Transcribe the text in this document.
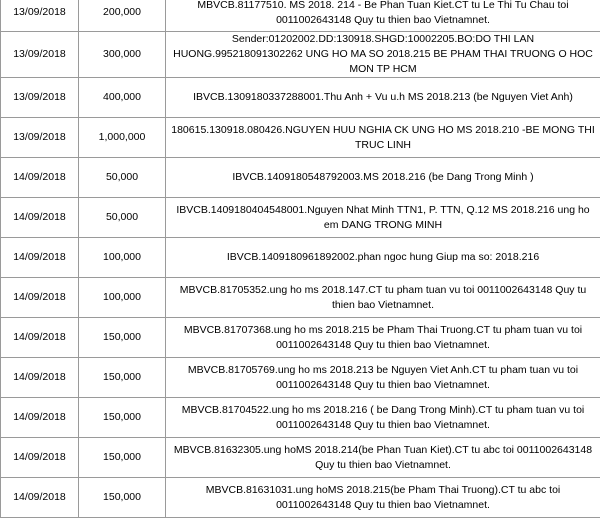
13/09/2018	200,000	MBVCB.81177510. MS 2018. 214 - Be Phan Tuan Kiet.CT tu Le Thi Tu Chau toi 0011002643148 Quy tu thien bao Vietnamnet.
13/09/2018	300,000	Sender:01202002.DD:130918.SHGD:10002205.BO:DO THI LAN HUONG.995218091302262 UNG HO MA SO 2018.215 BE PHAM THAI TRUONG O HOC MON TP HCM
13/09/2018	400,000	IBVCB.1309180337288001.Thu Anh + Vu u.h MS 2018.213 (be Nguyen Viet Anh)
13/09/2018	1,000,000	180615.130918.080426.NGUYEN HUU NGHIA CK UNG HO MS 2018.210 -BE MONG THI TRUC LINH
14/09/2018	50,000	IBVCB.1409180548792003.MS 2018.216 (be Dang Trong Minh )
14/09/2018	50,000	IBVCB.1409180404548001.Nguyen Nhat Minh TTN1, P. TTN, Q.12 MS 2018.216 ung ho em DANG TRONG MINH
14/09/2018	100,000	IBVCB.1409180961892002.phan ngoc hung Giup ma so: 2018.216
14/09/2018	100,000	MBVCB.81705352.ung ho ms 2018.147.CT tu pham tuan vu toi 0011002643148 Quy tu thien bao Vietnamnet.
14/09/2018	150,000	MBVCB.81707368.ung ho ms 2018.215 be Pham Thai Truong.CT tu pham tuan vu toi 0011002643148 Quy tu thien bao Vietnamnet.
14/09/2018	150,000	MBVCB.81705769.ung ho ms 2018.213 be Nguyen Viet Anh.CT tu pham tuan vu toi 0011002643148 Quy tu thien bao Vietnamnet.
14/09/2018	150,000	MBVCB.81704522.ung ho ms 2018.216 ( be Dang Trong Minh).CT tu pham tuan vu toi 0011002643148 Quy tu thien bao Vietnamnet.
14/09/2018	150,000	MBVCB.81632305.ung hoMS 2018.214(be Phan Tuan Kiet).CT tu abc toi 0011002643148 Quy tu thien bao Vietnamnet.
14/09/2018	150,000	MBVCB.81631031.ung hoMS 2018.215(be Pham Thai Truong).CT tu abc toi 0011002643148 Quy tu thien bao Vietnamnet.
